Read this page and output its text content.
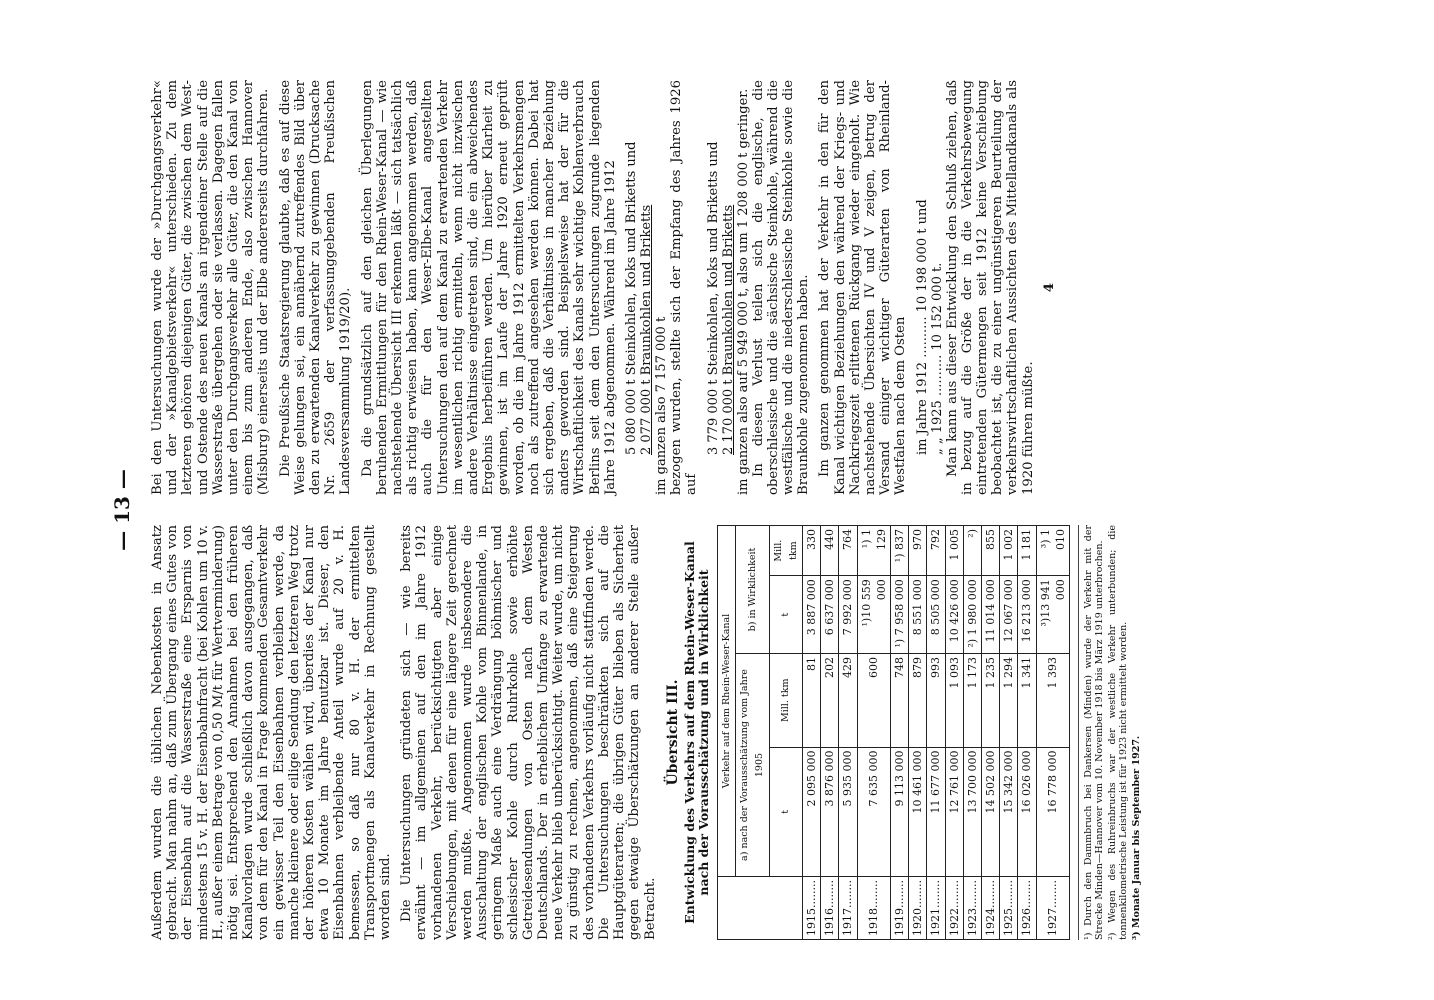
— 13 —

Außerdem wurden die üblichen Nebenkosten in Ansatz gebracht. Man nahm an, daß zum Übergang eines Gutes von der Eisenbahn auf die Wasserstraße eine Ersparnis von mindestens 15 v. H. der Eisenbahnfracht (bei Kohlen um 10 v. H., außer einem Betrage von 0,50 M/t für Wertverminderung) nötig sei. Entsprechend den Annahmen bei den früheren Kanalvorlagen wurde schließlich davon ausgegangen, daß von dem für den Kanal in Frage kommenden Gesamtverkehr ein gewisser Teil den Eisenbahnen verbleiben werde, da manche kleinere oder eilige Sendung den letzteren Weg trotz der höheren Kosten wählen wird, überdies der Kanal nur etwa 10 Monate im Jahre benutzbar ist. Dieser, den Eisenbahnen verbleibende Anteil wurde auf 20 v. H. bemessen, so daß nur 80 v. H. der ermittelten Transportmengen als Kanalverkehr in Rechnung gestellt worden sind. Die Untersuchungen gründeten sich — wie bereits erwähnt — im allgemeinen auf den im Jahre 1912 vorhandenen Verkehr, berücksichtigten aber einige Verschiebungen, mit denen für eine längere Zeit gerechnet werden mußte. Angenommen wurde insbesondere die Ausschaltung der englischen Kohle vom Binnenlande, in geringem Maße auch eine Verdrängung böhmischer und schlesischer Kohle durch Ruhrkohle sowie erhöhte Getreidesendungen von Osten nach dem Westen Deutschlands. Der in erheblichem Umfange zu erwartende neue Verkehr blieb unberücksichtigt. Weiter wurde, um nicht zu günstig zu rechnen, angenommen, daß eine Steigerung des vorhandenen Verkehrs vorläufig nicht stattfinden werde. Die Untersuchungen beschränkten sich auf die Hauptgüterarten; die übrigen Güter blieben als Sicherheit gegen etwaige Überschätzungen an anderer Stelle außer Betracht.

Übersicht III. Entwicklung des Verkehrs auf dem Rhein-Weser-Kanal nach der Vorausschätzung und in Wirklichkeit
	Verkehr auf dem Rhein-Weser-Kanal			
	a) nach der Vorausschätzung vom Jahre 1905		b) in Wirklichkeit	
	t	Mill. tkm	t	Mill. tkm
1915........	2 095 000	81	3 887 000	330
1916........	3 876 000	202	6 637 000	440
1917........	5 935 000	429	7 992 000	764
1918........	7 635 000	600	¹)10 559 000	¹) 1 129
1919........	9 113 000	748	¹) 7 958 000	¹) 837
1920........	10 461 000	879	8 551 000	970
1921........	11 677 000	993	8 505 000	792
1922........	12 761 000	1 093	10 426 000	1 005
1923........	13 700 000	1 173	²) 1 980 000	²)
1924........	14 502 000	1 235	11 014 000	855
1925........	15 342 000	1 294	12 067 000	1 002
1926........	16 026 000	1 341	16 213 000	1 181
1927........	16 778 000	1 393	³)13 941 000	³) 1 010 ¹) Durch den Dammbruch bei Dankersen (Minden) wurde der Verkehr mit der Strecke Minden—Hannover vom 10. November 1918 bis März 1919 unterbrochen. ²) Wegen des Ruhreinbruchs war der westliche Verkehr unterbunden; die tonnenkilometrische Leistung ist für 1923 nicht ermittelt worden. ³) Monate Januar bis September 1927.

Bei den Untersuchungen wurde der »Durchgangsverkehr« und der »Kanalgebietsverkehr« unterschieden. Zu dem letzteren gehören diejenigen Güter, die zwischen dem West- und Ostende des neuen Kanals an irgendeiner Stelle auf die Wasserstraße übergehen oder sie verlassen. Dagegen fallen unter den Durchgangsverkehr alle Güter, die den Kanal von einem bis zum anderen Ende, also zwischen Hannover (Misburg) einerseits und der Elbe andererseits durchfahren. Die Preußische Staatsregierung glaubte, daß es auf diese Weise gelungen sei, ein annähernd zutreffendes Bild über den zu erwartenden Kanalverkehr zu gewinnen (Drucksache Nr. 2659 der verfassunggebenden Preußischen Landesversammlung 1919/20). Da die grundsätzlich auf den gleichen Überlegungen beruhenden Ermittlungen für den Rhein-Weser-Kanal — wie nachstehende Übersicht III erkennen läßt — sich tatsächlich als richtig erwiesen haben, kann angenommen werden, daß auch die für den Weser-Elbe-Kanal angestellten Untersuchungen den auf dem Kanal zu erwartenden Verkehr im wesentlichen richtig ermitteln, wenn nicht inzwischen andere Verhältnisse eingetreten sind, die ein abweichendes Ergebnis herbeiführen werden. Um hierüber Klarheit zu gewinnen, ist im Laufe der Jahre 1920 erneut geprüft worden, ob die im Jahre 1912 ermittelten Verkehrsmengen noch als zutreffend angesehen werden können. Dabei hat sich ergeben, daß die Verhältnisse in mancher Beziehung anders geworden sind. Beispielsweise hat der für die Wirtschaftlichkeit des Kanals sehr wichtige Kohlenverbrauch Berlins seit dem den Untersuchungen zugrunde liegenden Jahre 1912 abgenommen. Während im Jahre 1912 5 080 000 t Steinkohlen, Koks und Briketts und 2 077 000 t Braunkohlen und Briketts im ganzen also 7 157 000 t bezogen wurden, stellte sich der Empfang des Jahres 1926 auf

3 779 000 t Steinkohlen, Koks und Briketts und 2 170 000 t Braunkohlen und Briketts im ganzen also auf 5 949 000 t, also um 1 208 000 t geringer. In diesen Verlust teilen sich die englische, die oberschlesische und die sächsische Steinkohle, während die westfälische und die niederschlesische Steinkohle sowie die Braunkohle zugenommen haben. Im ganzen genommen hat der Verkehr in den für den Kanal wichtigen Beziehungen den während der Kriegs- und Nachkriegszeit erlittenen Rückgang wieder eingeholt. Wie nachstehende Übersichten IV und V zeigen, betrug der Versand einiger wichtiger Güterarten von Rheinland-Westfalen nach dem Osten im Jahre 1912 .......... 10 198 000 t und „ „ 1925 .......... 10 152 000 t. Man kann aus dieser Entwicklung den Schluß ziehen, daß in bezug auf die Größe der in die Verkehrsbewegung eintretenden Gütermengen seit 1912 keine Verschiebung beobachtet ist, die zu einer ungünstigeren Beurteilung der verkehrswirtschaftlichen Aussichten des Mittellandkanals als 1920 führen müßte.

4
